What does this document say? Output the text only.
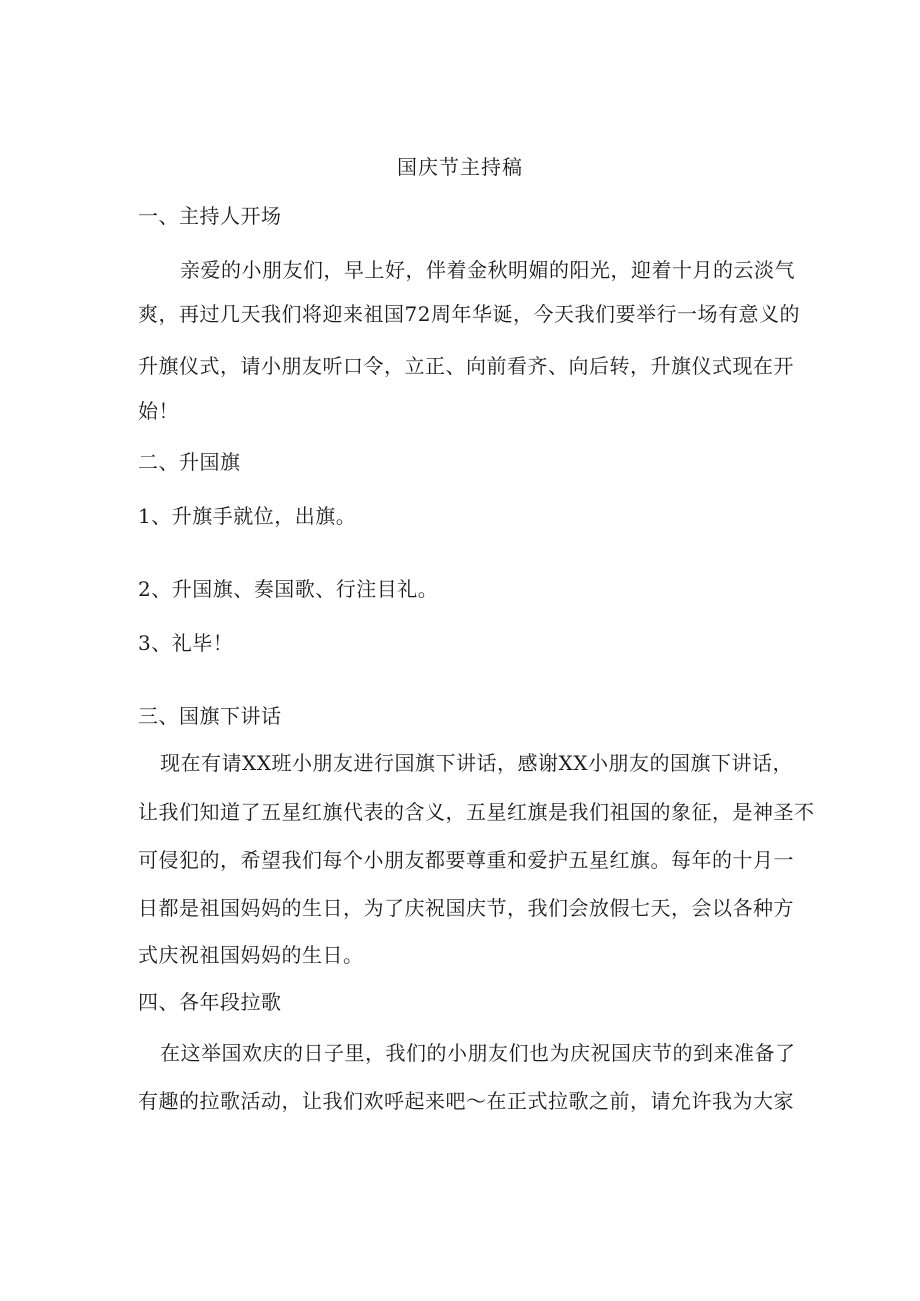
国庆节主持稿
一、主持人开场
亲爱的小朋友们，早上好，伴着金秋明媚的阳光，迎着十月的云淡气
爽，再过几天我们将迎来祖国72周年华诞，今天我们要举行一场有意义的
升旗仪式，请小朋友听口令，立正、向前看齐、向后转，升旗仪式现在开
始！
二、升国旗
1、升旗手就位，出旗。
2、升国旗、奏国歌、行注目礼。
3、礼毕！
三、国旗下讲话
现在有请XX班小朋友进行国旗下讲话，感谢XX小朋友的国旗下讲话，
让我们知道了五星红旗代表的含义，五星红旗是我们祖国的象征，是神圣不
可侵犯的，希望我们每个小朋友都要尊重和爱护五星红旗。每年的十月一
日都是祖国妈妈的生日，为了庆祝国庆节，我们会放假七天，会以各种方
式庆祝祖国妈妈的生日。
四、各年段拉歌
在这举国欢庆的日子里，我们的小朋友们也为庆祝国庆节的到来准备了
有趣的拉歌活动，让我们欢呼起来吧～在正式拉歌之前，请允许我为大家
